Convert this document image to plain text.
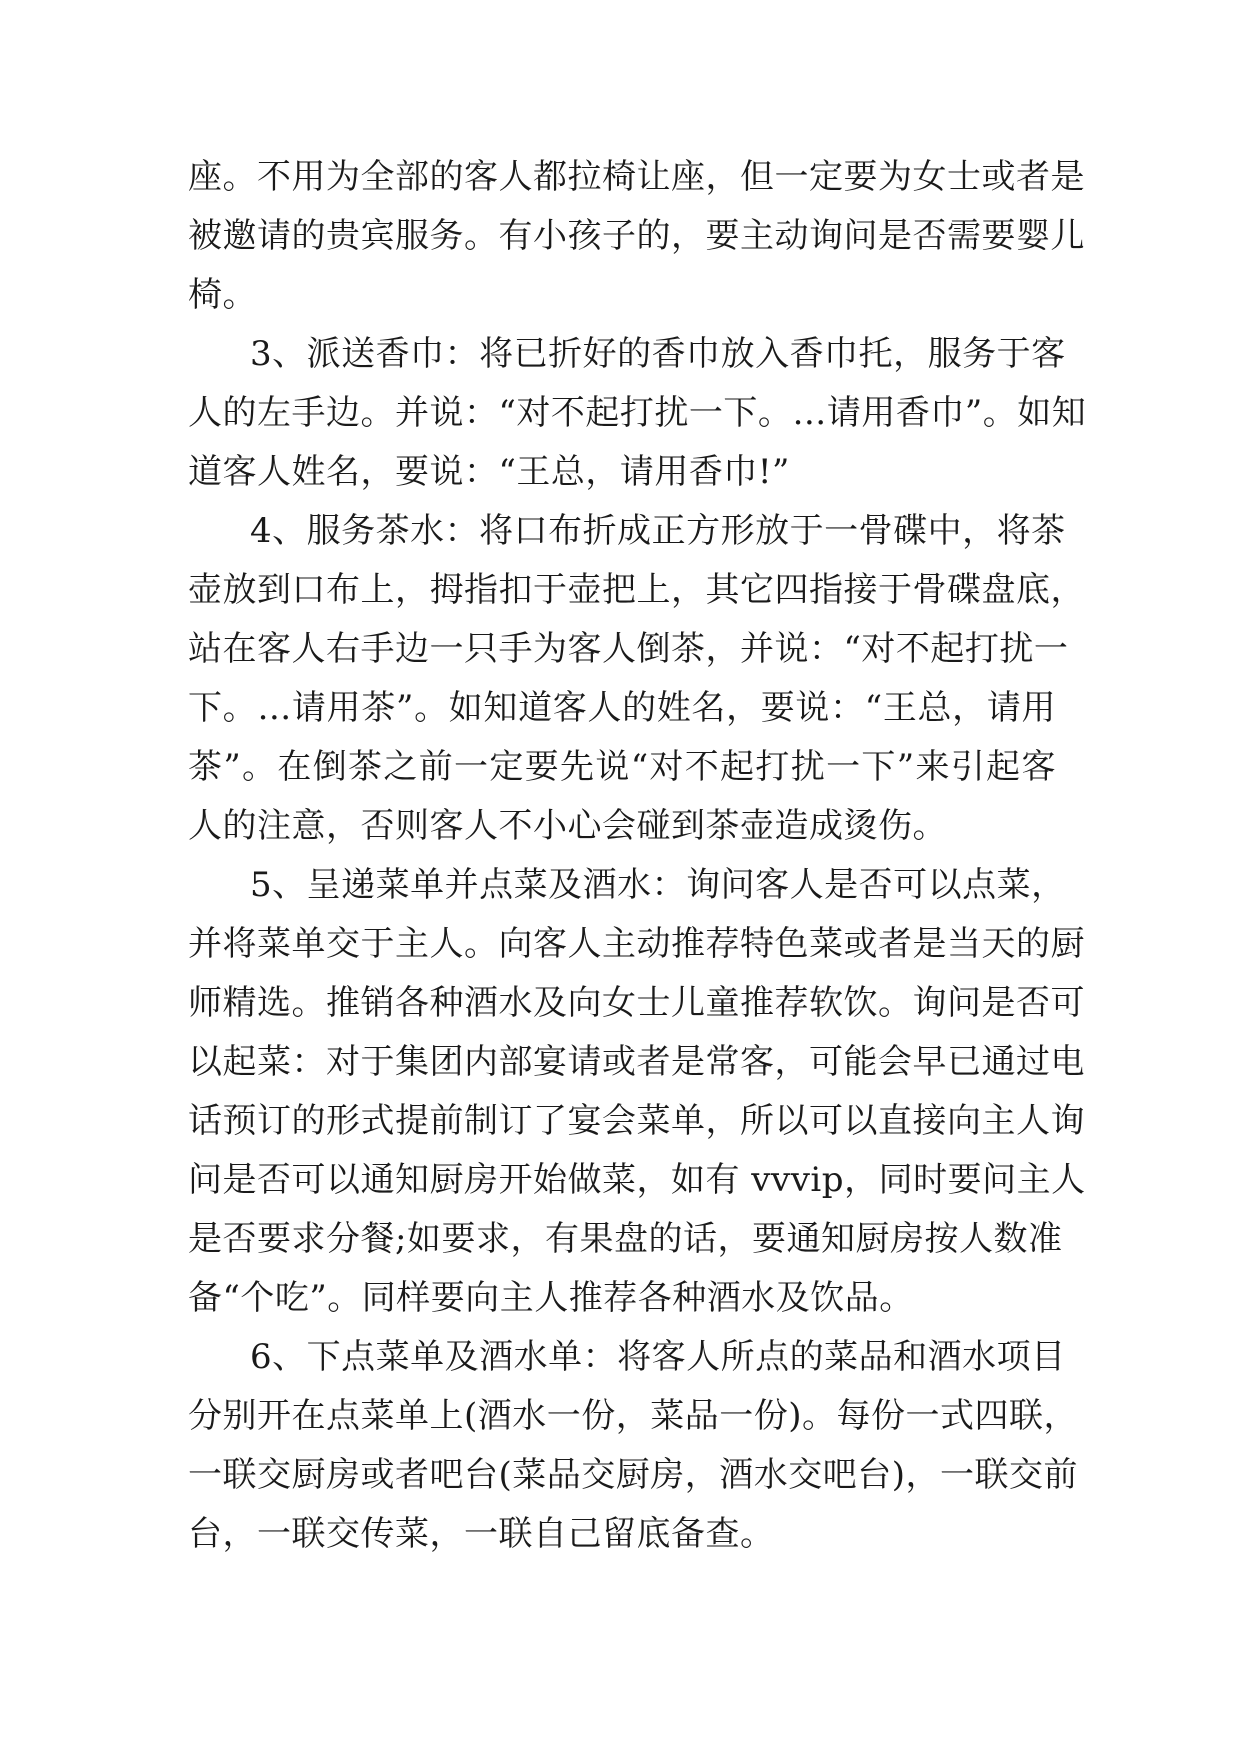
座。不用为全部的客人都拉椅让座，但一定要为女士或者是
被邀请的贵宾服务。有小孩子的，要主动询问是否需要婴儿
椅。
3、派送香巾：将已折好的香巾放入香巾托，服务于客
人的左手边。并说：“对不起打扰一下。…请用香巾”。如知
道客人姓名，要说：“王总，请用香巾!”
4、服务茶水：将口布折成正方形放于一骨碟中，将茶
壶放到口布上，拇指扣于壶把上，其它四指接于骨碟盘底，
站在客人右手边一只手为客人倒茶，并说：“对不起打扰一
下。…请用茶”。如知道客人的姓名，要说：“王总，请用
茶”。在倒茶之前一定要先说“对不起打扰一下”来引起客
人的注意，否则客人不小心会碰到茶壶造成烫伤。
5、呈递菜单并点菜及酒水：询问客人是否可以点菜，
并将菜单交于主人。向客人主动推荐特色菜或者是当天的厨
师精选。推销各种酒水及向女士儿童推荐软饮。询问是否可
以起菜：对于集团内部宴请或者是常客，可能会早已通过电
话预订的形式提前制订了宴会菜单，所以可以直接向主人询
问是否可以通知厨房开始做菜，如有 vvvip，同时要问主人
是否要求分餐;如要求，有果盘的话，要通知厨房按人数准
备“个吃”。同样要向主人推荐各种酒水及饮品。
6、下点菜单及酒水单：将客人所点的菜品和酒水项目
分别开在点菜单上(酒水一份，菜品一份)。每份一式四联，
一联交厨房或者吧台(菜品交厨房，酒水交吧台)，一联交前
台，一联交传菜，一联自己留底备查。
